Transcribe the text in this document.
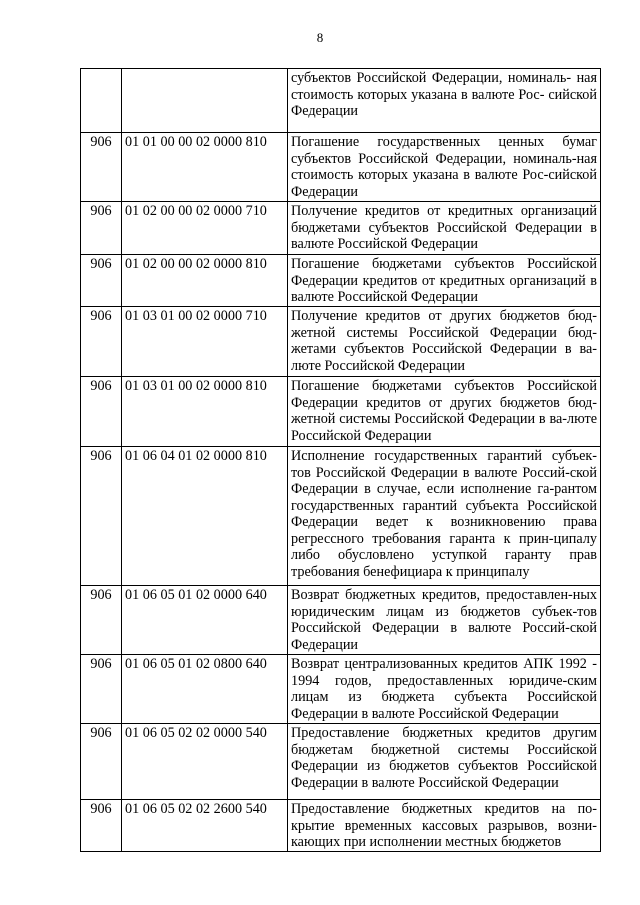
8
		субъектов Российской Федерации, номиналь- ная стоимость которых указана в валюте Рос- сийской Федерации
906	01 01 00 00 02 0000 810	Погашение государственных ценных бумаг субъектов Российской Федерации, номиналь-ная стоимость которых указана в валюте Рос-сийской Федерации
906	01 02 00 00 02 0000 710	Получение кредитов от кредитных организаций бюджетами субъектов Российской Федерации в валюте Российской Федерации
906	01 02 00 00 02 0000 810	Погашение бюджетами субъектов Российской Федерации кредитов от кредитных организаций в валюте Российской Федерации
906	01 03 01 00 02 0000 710	Получение кредитов от других бюджетов бюд-жетной системы Российской Федерации бюд-жетами субъектов Российской Федерации в ва-люте Российской Федерации
906	01 03 01 00 02 0000 810	Погашение бюджетами субъектов Российской Федерации кредитов от других бюджетов бюд-жетной системы Российской Федерации в ва-люте Российской Федерации
906	01 06 04 01 02 0000 810	Исполнение государственных гарантий субъек-тов Российской Федерации в валюте Россий-ской Федерации в случае, если исполнение га-рантом государственных гарантий субъекта Российской Федерации ведет к возникновению права регрессного требования гаранта к прин-ципалу либо обусловлено уступкой гаранту прав требования бенефициара к принципалу
906	01 06 05 01 02 0000 640	Возврат бюджетных кредитов, предоставлен-ных юридическим лицам из бюджетов субъек-тов Российской Федерации в валюте Россий-ской Федерации
906	01 06 05 01 02 0800 640	Возврат централизованных кредитов АПК 1992 - 1994 годов, предоставленных юридиче-ским лицам из бюджета субъекта Российской Федерации в валюте Российской Федерации
906	01 06 05 02 02 0000 540	Предоставление бюджетных кредитов другим бюджетам бюджетной системы Российской Федерации из бюджетов субъектов Российской Федерации в валюте Российской Федерации
906	01 06 05 02 02 2600 540	Предоставление бюджетных кредитов на по-крытие временных кассовых разрывов, возни-кающих при исполнении местных бюджетов
